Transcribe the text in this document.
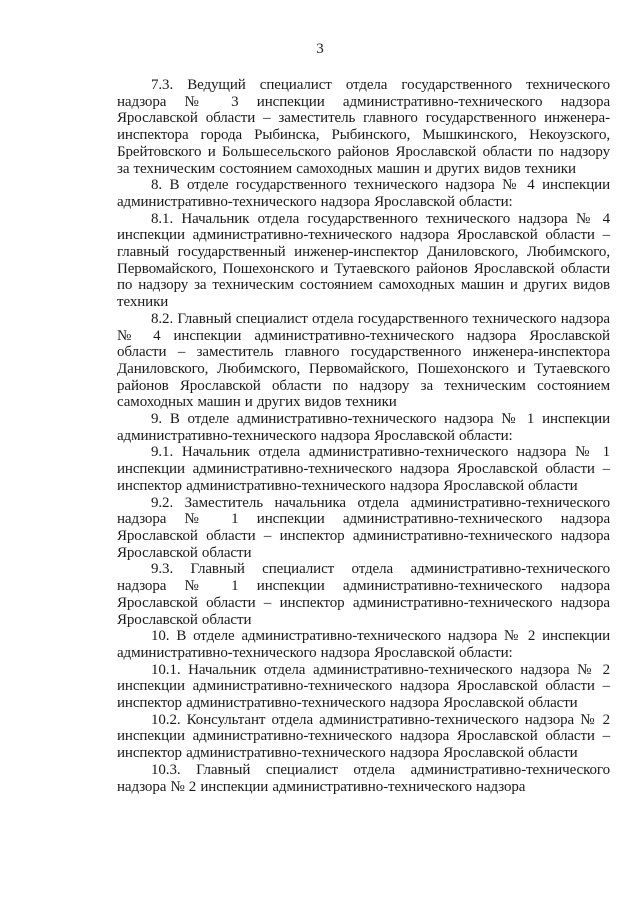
3

7.3. Ведущий специалист отдела государственного технического надзора № 3 инспекции административно-технического надзора Ярославской области – заместитель главного государственного инженера-инспектора города Рыбинска, Рыбинского, Мышкинского, Некоузского, Брейтовского и Большесельского районов Ярославской области по надзору за техническим состоянием самоходных машин и других видов техники

8. В отделе государственного технического надзора № 4 инспекции административно-технического надзора Ярославской области:

8.1. Начальник отдела государственного технического надзора № 4 инспекции административно-технического надзора Ярославской области – главный государственный инженер-инспектор Даниловского, Любимского, Первомайского, Пошехонского и Тутаевского районов Ярославской области по надзору за техническим состоянием самоходных машин и других видов техники

8.2. Главный специалист отдела государственного технического надзора № 4 инспекции административно-технического надзора Ярославской области – заместитель главного государственного инженера-инспектора Даниловского, Любимского, Первомайского, Пошехонского и Тутаевского районов Ярославской области по надзору за техническим состоянием самоходных машин и других видов техники

9. В отделе административно-технического надзора № 1 инспекции административно-технического надзора Ярославской области:

9.1. Начальник отдела административно-технического надзора № 1 инспекции административно-технического надзора Ярославской области – инспектор административно-технического надзора Ярославской области

9.2. Заместитель начальника отдела административно-технического надзора № 1 инспекции административно-технического надзора Ярославской области – инспектор административно-технического надзора Ярославской области

9.3. Главный специалист отдела административно-технического надзора № 1 инспекции административно-технического надзора Ярославской области – инспектор административно-технического надзора Ярославской области

10. В отделе административно-технического надзора № 2 инспекции административно-технического надзора Ярославской области:

10.1. Начальник отдела административно-технического надзора № 2 инспекции административно-технического надзора Ярославской области – инспектор административно-технического надзора Ярославской области

10.2. Консультант отдела административно-технического надзора № 2 инспекции административно-технического надзора Ярославской области – инспектор административно-технического надзора Ярославской области

10.3. Главный специалист отдела административно-технического надзора № 2 инспекции административно-технического надзора
